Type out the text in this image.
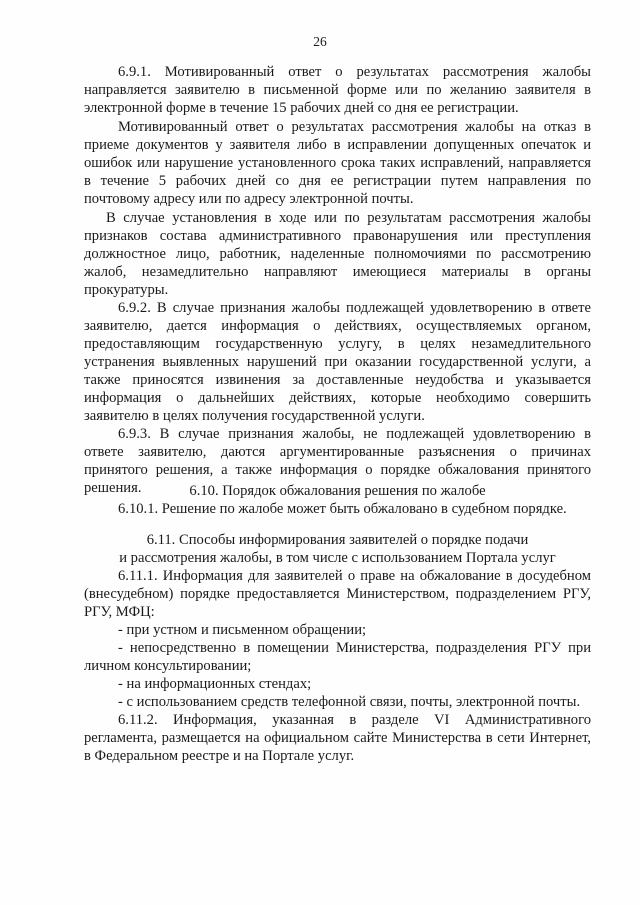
26
6.9.1. Мотивированный ответ о результатах рассмотрения жалобы
направляется заявителю в письменной форме или по желанию заявителя в
электронной форме в течение 15 рабочих дней со дня ее регистрации.
Мотивированный ответ о результатах рассмотрения жалобы на отказ в
приеме документов у заявителя либо в исправлении допущенных опечаток и
ошибок или нарушение установленного срока таких исправлений, направляется
в течение 5 рабочих дней со дня ее регистрации путем направления по
почтовому адресу или по адресу электронной почты.
В случае установления в ходе или по результатам рассмотрения жалобы
признаков состава административного правонарушения или преступления
должностное лицо, работник, наделенные полномочиями по рассмотрению
жалоб, незамедлительно направляют имеющиеся материалы в органы
прокуратуры.
6.9.2. В случае признания жалобы подлежащей удовлетворению в ответе
заявителю, дается информация о действиях, осуществляемых органом,
предоставляющим государственную услугу, в целях незамедлительного
устранения выявленных нарушений при оказании государственной услуги, а
также приносятся извинения за доставленные неудобства и указывается
информация о дальнейших действиях, которые необходимо совершить
заявителю в целях получения государственной услуги.
6.9.3. В случае признания жалобы, не подлежащей удовлетворению в
ответе заявителю, даются аргументированные разъяснения о причинах
принятого решения, а также информация о порядке обжалования принятого
решения.	6.10. Порядок обжалования решения по жалобе
6.10.1. Решение по жалобе может быть обжаловано в судебном порядке.
6.11. Способы информирования заявителей о порядке подачи
и рассмотрения жалобы, в том числе с использованием Портала услуг
6.11.1. Информация для заявителей о праве на обжалование в досудебном
(внесудебном) порядке предоставляется Министерством, подразделением РГУ,
РГУ, МФЦ:
- при устном и письменном обращении;
- непосредственно в помещении Министерства, подразделения РГУ при
личном консультировании;
- на информационных стендах;
- с использованием средств телефонной связи, почты, электронной почты.
6.11.2. Информация, указанная в разделе VI Административного
регламента, размещается на официальном сайте Министерства в сети Интернет,
в Федеральном реестре и на Портале услуг.
